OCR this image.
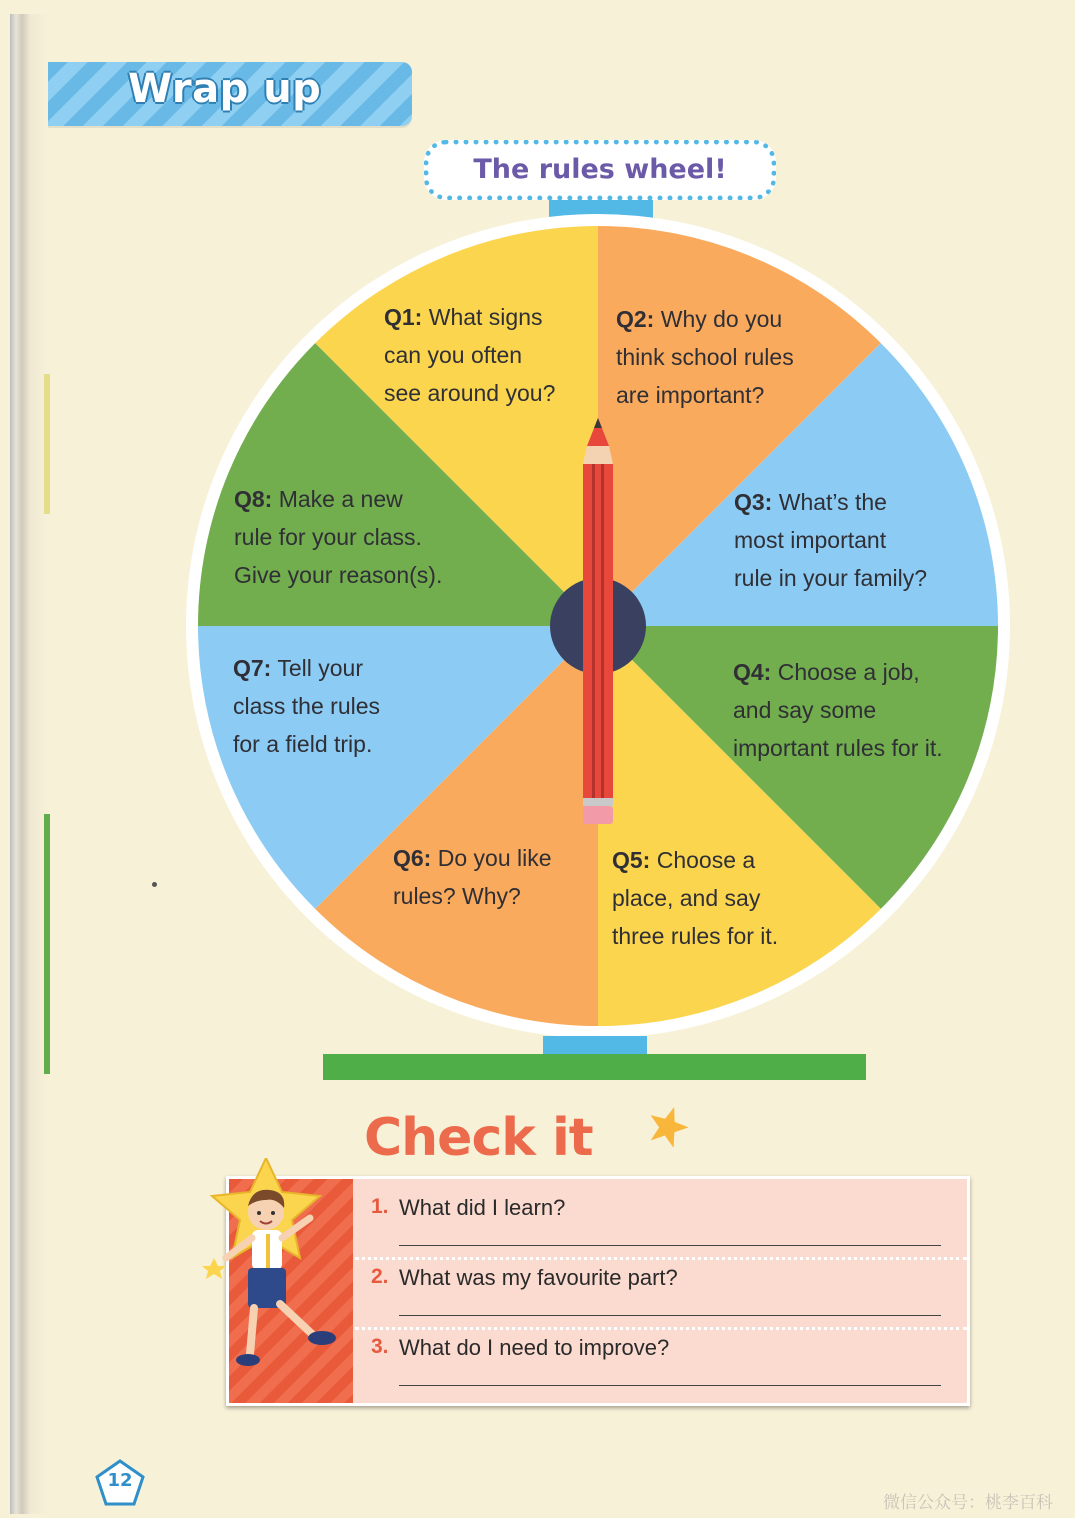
Wrap up
The rules wheel!
Q1: What signs
can you often
see around you?
Q2: Why do you
think school rules
are important?
Q3: What’s the
most important
rule in your family?
Q4: Choose a job,
and say some
important rules for it.
Q5: Choose a
place, and say
three rules for it.
Q6: Do you like
rules? Why?
Q7: Tell your
class the rules
for a field trip.
Q8: Make a new
rule for your class.
Give your reason(s).
Check it
1. What did I learn?
2. What was my favourite part?
3. What do I need to improve?
12
微信公众号：桃李百科
